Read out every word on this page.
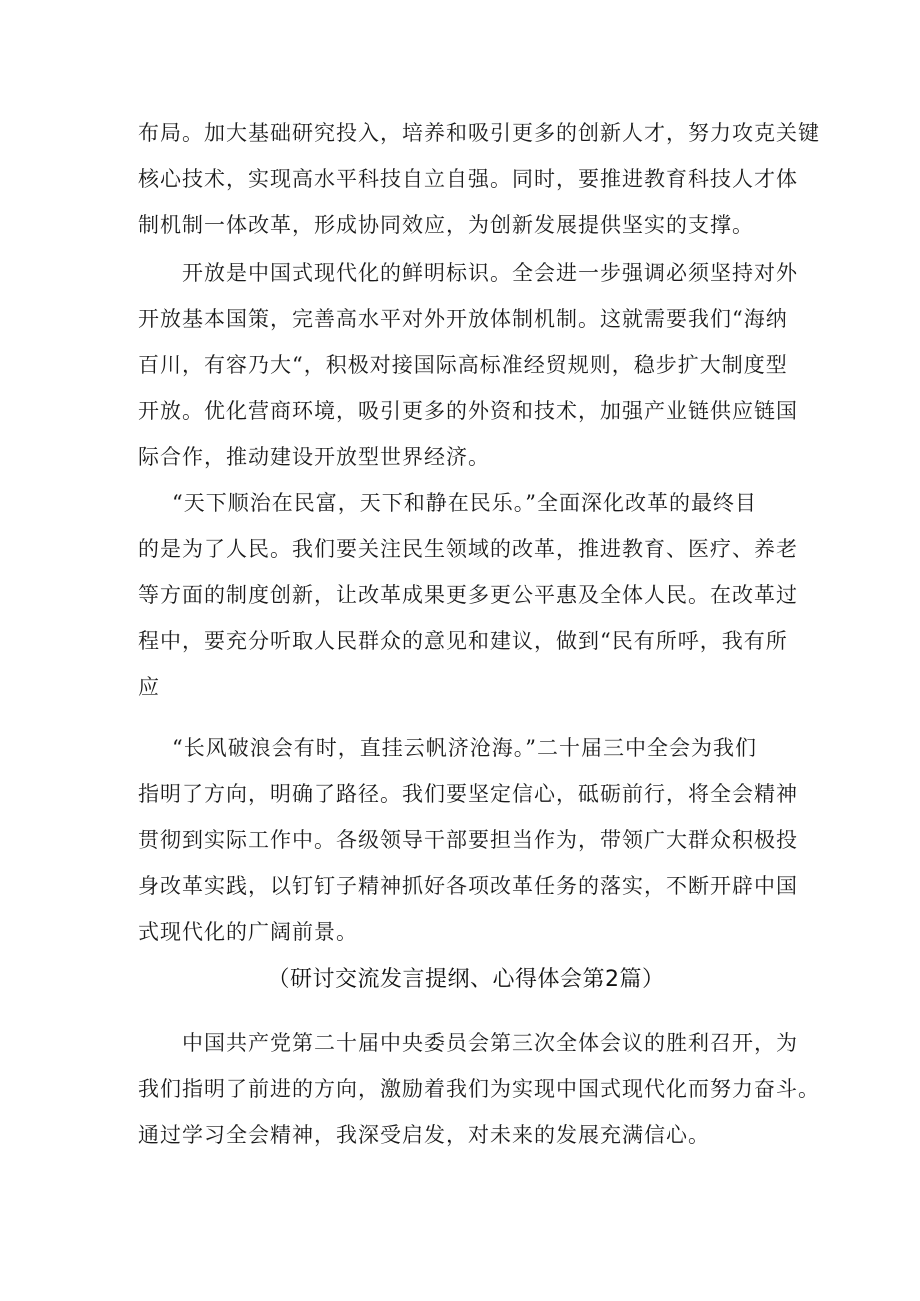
布局。加大基础研究投入，培养和吸引更多的创新人才，努力攻克关键
核心技术，实现高水平科技自立自强。同时，要推进教育科技人才体
制机制一体改革，形成协同效应，为创新发展提供坚实的支撑。
开放是中国式现代化的鲜明标识。全会进一步强调必须坚持对外
开放基本国策，完善高水平对外开放体制机制。这就需要我们“海纳
百川，有容乃大“，积极对接国际高标准经贸规则，稳步扩大制度型
开放。优化营商环境，吸引更多的外资和技术，加强产业链供应链国
际合作，推动建设开放型世界经济。
“天下顺治在民富，天下和静在民乐。”全面深化改革的最终目
的是为了人民。我们要关注民生领域的改革，推进教育、医疗、养老
等方面的制度创新，让改革成果更多更公平惠及全体人民。在改革过
程中，要充分听取人民群众的意见和建议，做到“民有所呼，我有所
应
“长风破浪会有时，直挂云帆济沧海。”二十届三中全会为我们
指明了方向，明确了路径。我们要坚定信心，砥砺前行，将全会精神
贯彻到实际工作中。各级领导干部要担当作为，带领广大群众积极投
身改革实践，以钉钉子精神抓好各项改革任务的落实，不断开辟中国
式现代化的广阔前景。
（研讨交流发言提纲、心得体会第2篇）
中国共产党第二十届中央委员会第三次全体会议的胜利召开，为
我们指明了前进的方向，激励着我们为实现中国式现代化而努力奋斗。
通过学习全会精神，我深受启发，对未来的发展充满信心。
